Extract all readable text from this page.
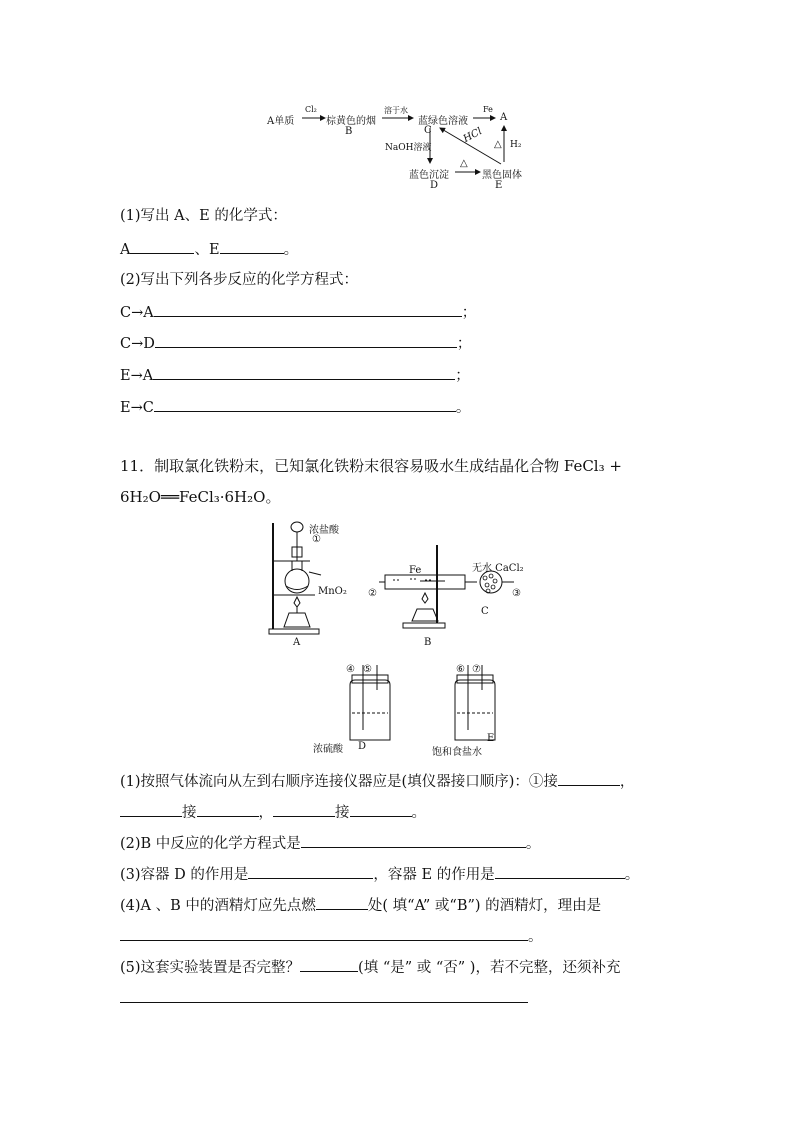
A单质
Cl₂
棕黄色的烟
B
溶于水
蓝绿色溶液
C
Fe
A
NaOH溶液
HCl △ H₂
蓝色沉淀
D
△
黑色固体
E
(1)写出 A、E 的化学式：
A	、E	。
(2)写出下列各步反应的化学方程式：
C→A	；
C→D	；
E→A	；
E→C	。
11．制取氯化铁粉末，已知氯化铁粉末很容易吸水生成结晶化合物 FeCl₃ +
6H₂O══FeCl₃·6H₂O。
浓盐酸
①
MnO₂
A
Fe	无水 CaCl₂
②	③
B
C
④ ⑤
浓硫酸 D
⑥ ⑦
E
饱和食盐水
(1)按照气体流向从左到右顺序连接仪器应是(填仪器接口顺序)：①接	，
接	，	接	。
(2)B 中反应的化学方程式是	。
(3)容器 D 的作用是	，容器 E 的作用是	。
(4)A 、B 中的酒精灯应先点燃	处( 填“A” 或“B”) 的酒精灯，理由是
。
(5)这套实验装置是否完整？	(填 “是” 或 “否” )，若不完整，还须补充
